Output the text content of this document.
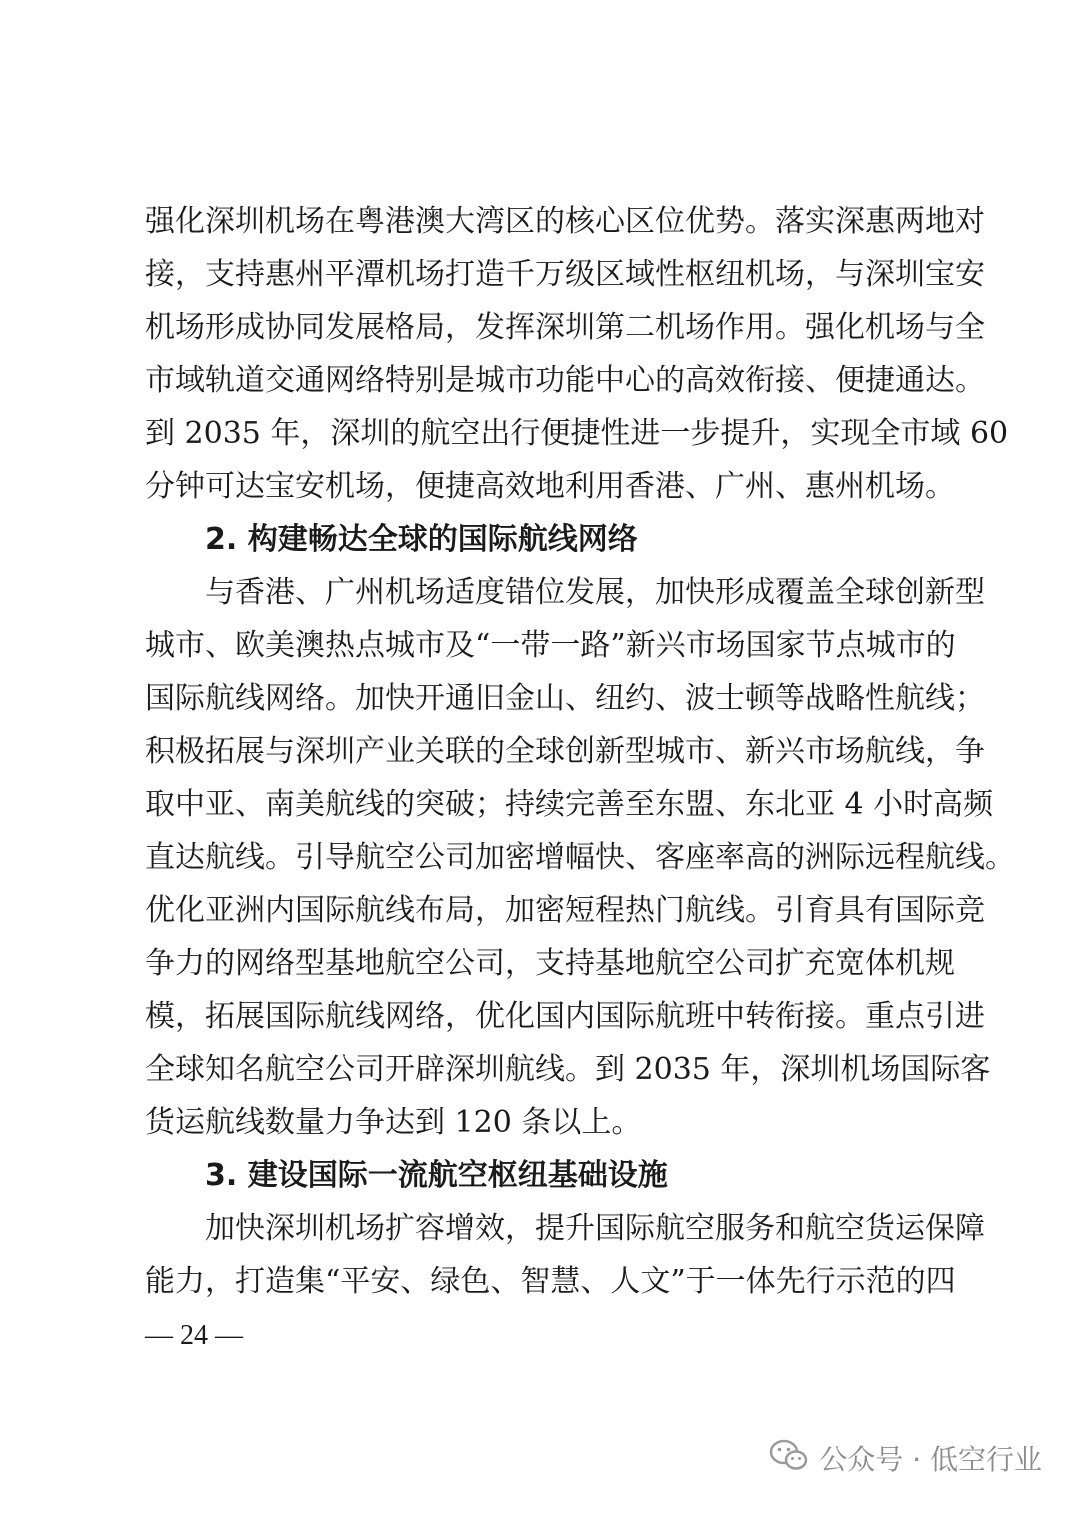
强化深圳机场在粤港澳大湾区的核心区位优势。落实深惠两地对
接，支持惠州平潭机场打造千万级区域性枢纽机场，与深圳宝安
机场形成协同发展格局，发挥深圳第二机场作用。强化机场与全
市域轨道交通网络特别是城市功能中心的高效衔接、便捷通达。
到 2035 年，深圳的航空出行便捷性进一步提升，实现全市域 60
分钟可达宝安机场，便捷高效地利用香港、广州、惠州机场。
2. 构建畅达全球的国际航线网络
与香港、广州机场适度错位发展，加快形成覆盖全球创新型
城市、欧美澳热点城市及“一带一路”新兴市场国家节点城市的
国际航线网络。加快开通旧金山、纽约、波士顿等战略性航线；
积极拓展与深圳产业关联的全球创新型城市、新兴市场航线，争
取中亚、南美航线的突破；持续完善至东盟、东北亚 4 小时高频
直达航线。引导航空公司加密增幅快、客座率高的洲际远程航线。
优化亚洲内国际航线布局，加密短程热门航线。引育具有国际竞
争力的网络型基地航空公司，支持基地航空公司扩充宽体机规
模，拓展国际航线网络，优化国内国际航班中转衔接。重点引进
全球知名航空公司开辟深圳航线。到 2035 年，深圳机场国际客
货运航线数量力争达到 120 条以上。
3. 建设国际一流航空枢纽基础设施
加快深圳机场扩容增效，提升国际航空服务和航空货运保障
能力，打造集“平安、绿色、智慧、人文”于一体先行示范的四
— 24 —
公众号 · 低空行业
